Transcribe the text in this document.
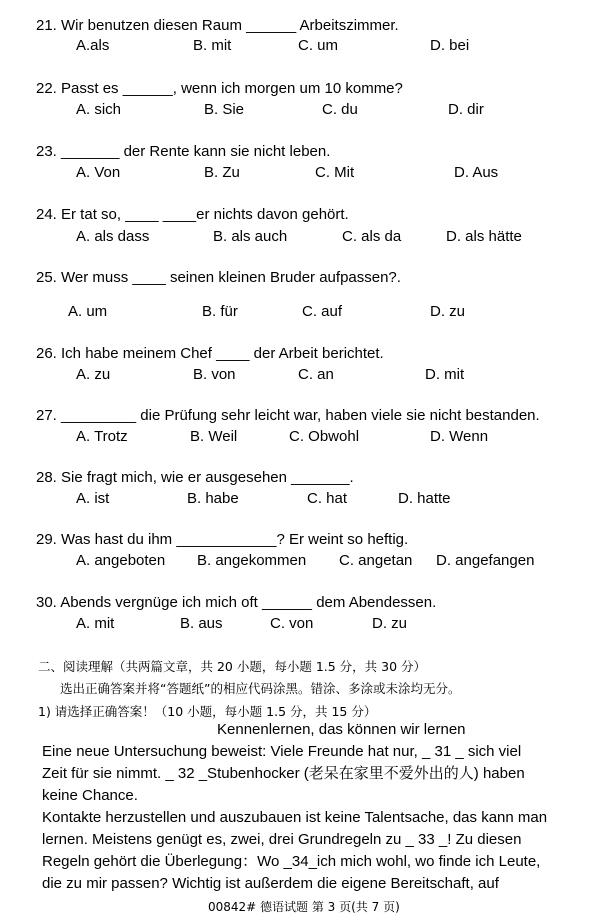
21. Wir benutzen diesen Raum ______ Arbeitszimmer.
A.als	B. mit	C. um	D. bei
22. Passt es ______, wenn ich morgen um 10 komme?
A. sich	B. Sie	C. du	D. dir
23. _______ der Rente kann sie nicht leben.
A. Von	B. Zu	C. Mit	D. Aus
24. Er tat so, ____ ____er nichts davon gehört.
A. als dass	B. als auch	C. als da	D. als hätte
25. Wer muss ____ seinen kleinen Bruder aufpassen?.
A. um	B. für	C. auf	D. zu
26. Ich habe meinem Chef ____ der Arbeit berichtet.
A. zu	B. von	C. an	D. mit
27. _________ die Prüfung sehr leicht war, haben viele sie nicht bestanden.
A. Trotz	B. Weil	C. Obwohl	D. Wenn
28. Sie fragt mich, wie er ausgesehen _______.
A. ist	B. habe	C. hat	D. hatte
29. Was hast du ihm ____________? Er weint so heftig.
A. angeboten B. angekommen C. angetan D. angefangen
30. Abends vergnüge ich mich oft ______ dem Abendessen.
A. mit	B. aus	C. von	D. zu
二、阅读理解（共两篇文章，共 20 小题，每小题 1.5 分，共 30 分）
选出正确答案并将“答题纸”的相应代码涂黑。错涂、多涂或未涂均无分。
1) 请选择正确答案！（10 小题，每小题 1.5 分，共 15 分）
Kennenlernen, das können wir lernen
Eine neue Untersuchung beweist: Viele Freunde hat nur, _ 31 _ sich viel
Zeit für sie nimmt. _ 32 _Stubenhocker (老呆在家里不爱外出的人) haben
keine Chance.
Kontakte herzustellen und auszubauen ist keine Talentsache, das kann man
lernen. Meistens genügt es, zwei, drei Grundregeln zu _ 33 _! Zu diesen
Regeln gehört die Überlegung：Wo _34_ich mich wohl, wo finde ich Leute,
die zu mir passen? Wichtig ist außerdem die eigene Bereitschaft, auf
00842# 德语试题 第 3 页(共 7 页)
